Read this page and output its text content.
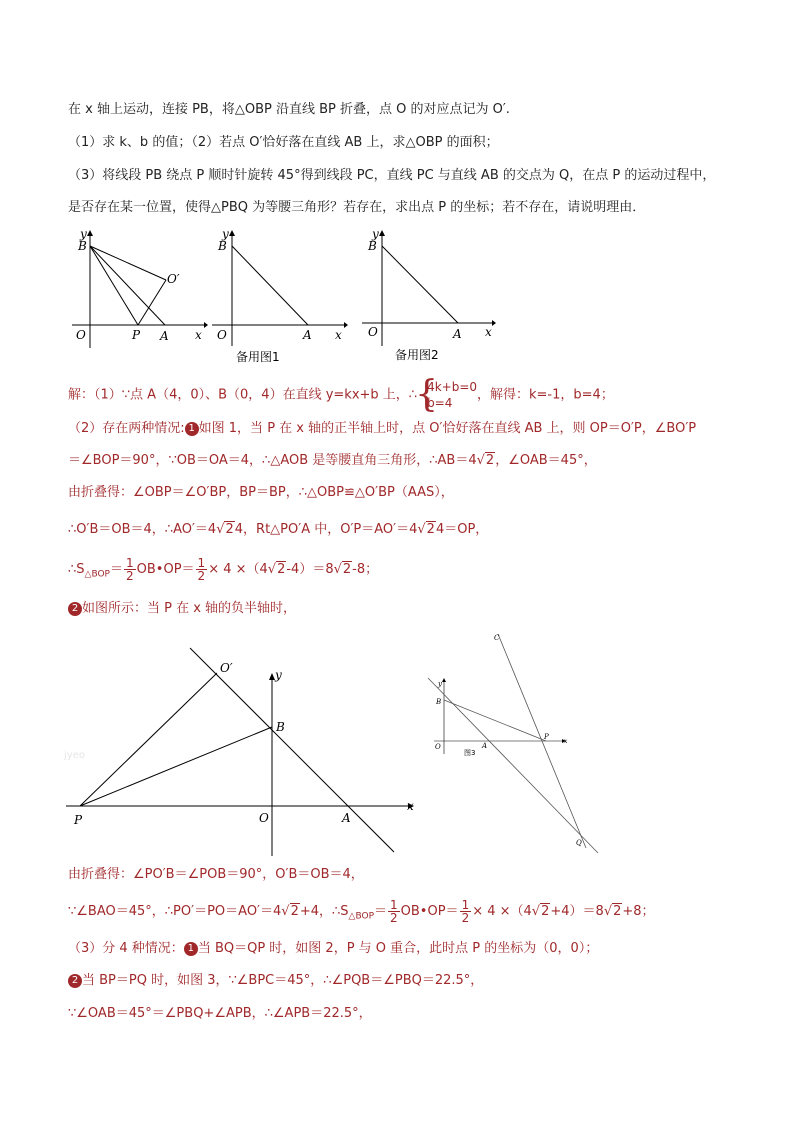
在 x 轴上运动，连接 PB，将△OBP 沿直线 BP 折叠，点 O 的对应点记为 O′.
（1）求 k、b 的值；（2）若点 O′恰好落在直线 AB 上，求△OBP 的面积；
（3）将线段 PB 绕点 P 顺时针旋转 45°得到线段 PC，直线 PC 与直线 AB 的交点为 Q，在点 P 的运动过程中，
是否存在某一位置，使得△PBQ 为等腰三角形？若存在，求出点 P 的坐标；若不存在，请说明理由．
B
y
O	P A x
O′
B
y
O	A x
备用图1
B
y
O	A x
备用图2
解：（1）∵点 A（4，0）、B（0，4）在直线 y=kx+b 上，∴
{ 4k+b=0
b=4
，解得：k=-1，b=4；
（2）存在两种情况: 1 如图 1，当 P 在 x 轴的正半轴上时，点 O′恰好落在直线 AB 上，则 OP＝O′P，∠BO′P
＝∠BOP＝90°，∵OB＝OA＝4，∴△AOB 是等腰直角三角形，∴AB＝4√2，∠OAB＝45°，
由折叠得：∠OBP＝∠O′BP，BP＝BP，∴△OBP≌△O′BP（AAS），
∴O′B＝OB＝4，∴AO′＝4√24，Rt△PO′A 中，O′P＝AO′＝4√24＝OP，
$\therefore S_{\triangle BOP}= \frac{1}{2}$ OB•OP＝ $\frac{1}{2} \times 4 \times(4√2-4)=8√2-8$；
2 如图所示：当 P 在 x 轴的负半轴时，
O′	y
B
P	O	A
x
jyeo
B
y
O	A
P
x
C
Q
图3
由折叠得：∠PO′B＝∠POB＝90°，O′B＝OB＝4，
∵∠BAO＝45°，∴PO′＝PO＝AO′＝4√2+4，$\therefore S_{\triangle BOP}= \frac{1}{2}$ OB•OP＝ $\frac{1}{2} \times 4 \times(4√2+4)=8√2+8$；
（3）分 4 种情况： 1 当 BQ＝QP 时，如图 2，P 与 O 重合，此时点 P 的坐标为（0，0）；
2 当 BP＝PQ 时，如图 3，∵∠BPC＝45°，∴∠PQB＝∠PBQ＝22.5°，
∵∠OAB＝45°＝∠PBQ+∠APB，∴∠APB＝22.5°，
